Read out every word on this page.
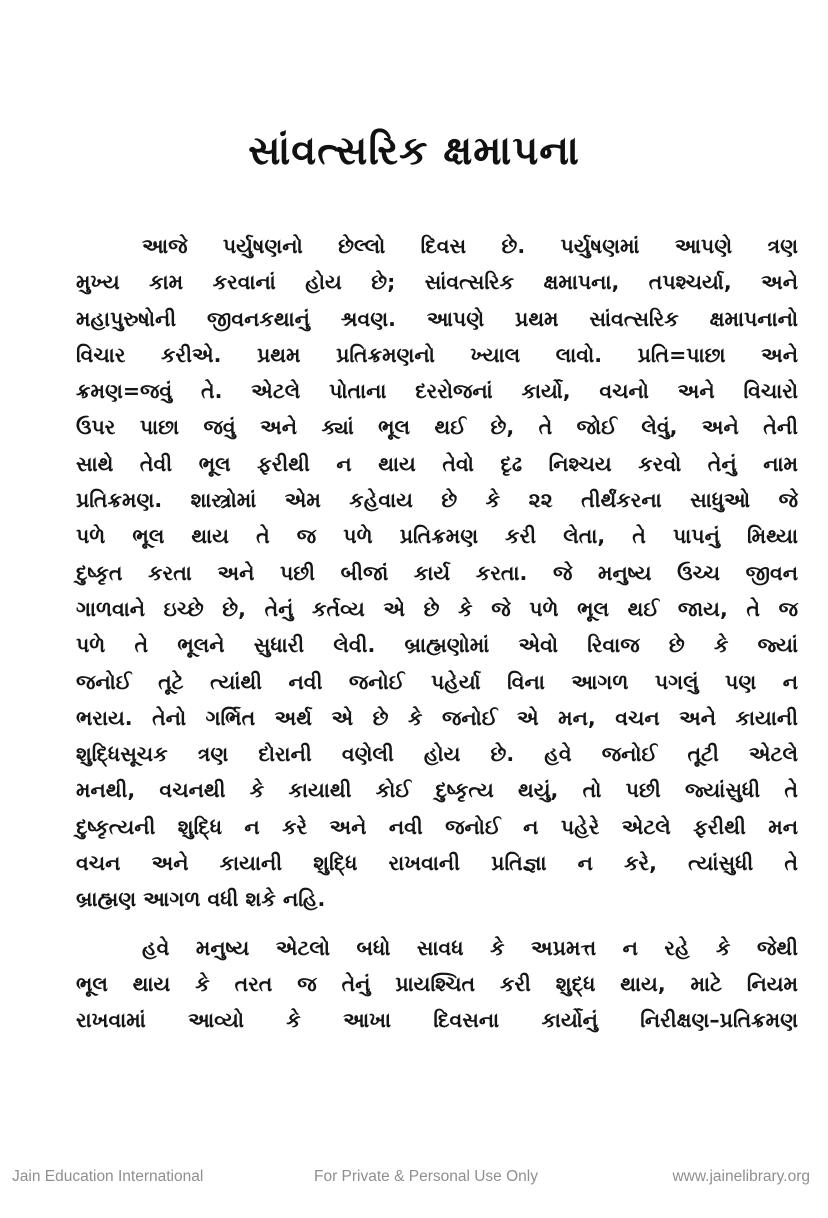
સાંવત્સરિક ક્ષમાપના
આજે પર્યુષણનો છેલ્લો દિવસ છે. પર્યુષણમાં આપણે ત્રણ
મુખ્ય કામ કરવાનાં હોય છે; સાંવત્સરિક ક્ષમાપના, તપશ્ચર્યા, અને
મહાપુરુષોની જીવનકથાનું શ્રવણ. આપણે પ્રથમ સાંવત્સરિક ક્ષમાપનાનો
વિચાર કરીએ. પ્રથમ પ્રતિક્રમણનો ખ્યાલ લાવો. પ્રતિ=પાછા અને
ક્રમણ=જવું તે. એટલે પોતાના દરરોજનાં કાર્યો, વચનો અને વિચારો
ઉપર પાછા જવું અને ક્યાં ભૂલ થઈ છે, તે જોઈ લેવું, અને તેની
સાથે તેવી ભૂલ ફરીથી ન થાય તેવો દૃઢ નિશ્ચય કરવો તેનું નામ
પ્રતિક્રમણ. શાસ્ત્રોમાં એમ કહેવાય છે કે ૨૨ તીર્થંકરના સાધુઓ જે
પળે ભૂલ થાય તે જ પળે પ્રતિક્રમણ કરી લેતા, તે પાપનું મિથ્યા
દુષ્કૃત કરતા અને પછી બીજાં કાર્ય કરતા. જે મનુષ્ય ઉચ્ચ જીવન
ગાળવાને ઇચ્છે છે, તેનું કર્તવ્ય એ છે કે જે પળે ભૂલ થઈ જાય, તે જ
પળે તે ભૂલને સુધારી લેવી. બ્રાહ્મણોમાં એવો રિવાજ છે કે જ્યાં
જનોઈ તૂટે ત્યાંથી નવી જનોઈ પહેર્યા વિના આગળ પગલું પણ ન
ભરાય. તેનો ગર્ભિત અર્થ એ છે કે જનોઈ એ મન, વચન અને કાયાની
શુદ્ધિસૂચક ત્રણ દોરાની વણેલી હોય છે. હવે જનોઈ તૂટી એટલે
મનથી, વચનથી કે કાયાથી કોઈ દુષ્કૃત્ય થયું, તો પછી જ્યાંસુધી તે
દુષ્કૃત્યની શુદ્ધિ ન કરે અને નવી જનોઈ ન પહેરે એટલે ફરીથી મન
વચન અને કાયાની શુદ્ધિ રાખવાની પ્રતિજ્ઞા ન કરે, ત્યાંસુધી તે
બ્રાહ્મણ આગળ વધી શકે નહિ.
હવે મનુષ્ય એટલો બધો સાવધ કે અપ્રમત્ત ન રહે કે જેથી
ભૂલ થાય કે તરત જ તેનું પ્રાયશ્ચિત કરી શુદ્ધ થાય, માટે નિયમ
રાખવામાં આવ્યો કે આખા દિવસના કાર્યોનું નિરીક્ષણ–પ્રતિક્રમણ
Jain Education International	For Private & Personal Use Only	www.jainelibrary.org
